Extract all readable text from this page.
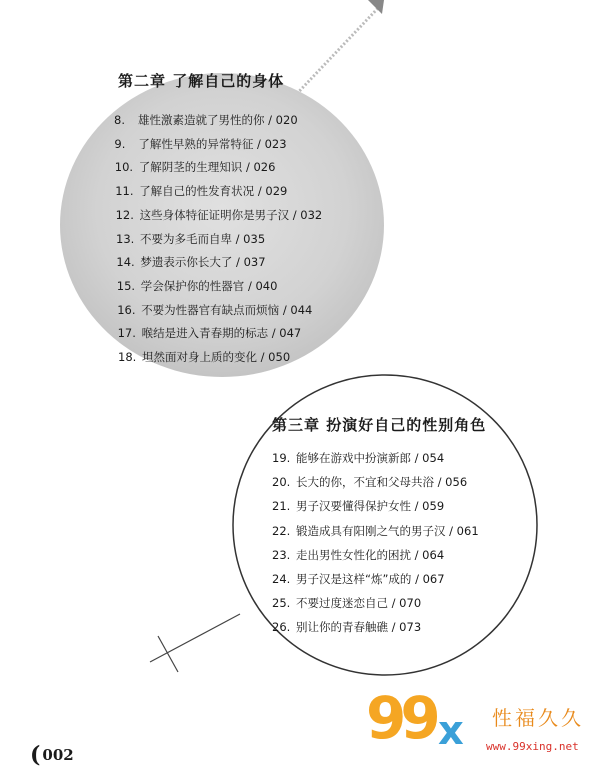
第二章 了解自己的身体
8. 雄性激素造就了男性的你 / 020
9. 了解性早熟的异常特征 / 023
10. 了解阴茎的生理知识 / 026
11. 了解自己的性发育状况 / 029
12. 这些身体特征证明你是男子汉 / 032
13. 不要为多毛而自卑 / 035
14. 梦遗表示你长大了 / 037
15. 学会保护你的性器官 / 040
16. 不要为性器官有缺点而烦恼 / 044
17. 喉结是进入青春期的标志 / 047
18. 坦然面对身上质的变化 / 050
第三章 扮演好自己的性别角色
19. 能够在游戏中扮演新郎 / 054
20. 长大的你，不宜和父母共浴 / 056
21. 男子汉要懂得保护女性 / 059
22. 锻造成具有阳刚之气的男子汉 / 061
23. 走出男性女性化的困扰 / 064
24. 男子汉是这样“炼”成的 / 067
25. 不要过度迷恋自己 / 070
26. 别让你的青春触礁 / 073
( 002
99 x 性福久久
www.99xing.net
